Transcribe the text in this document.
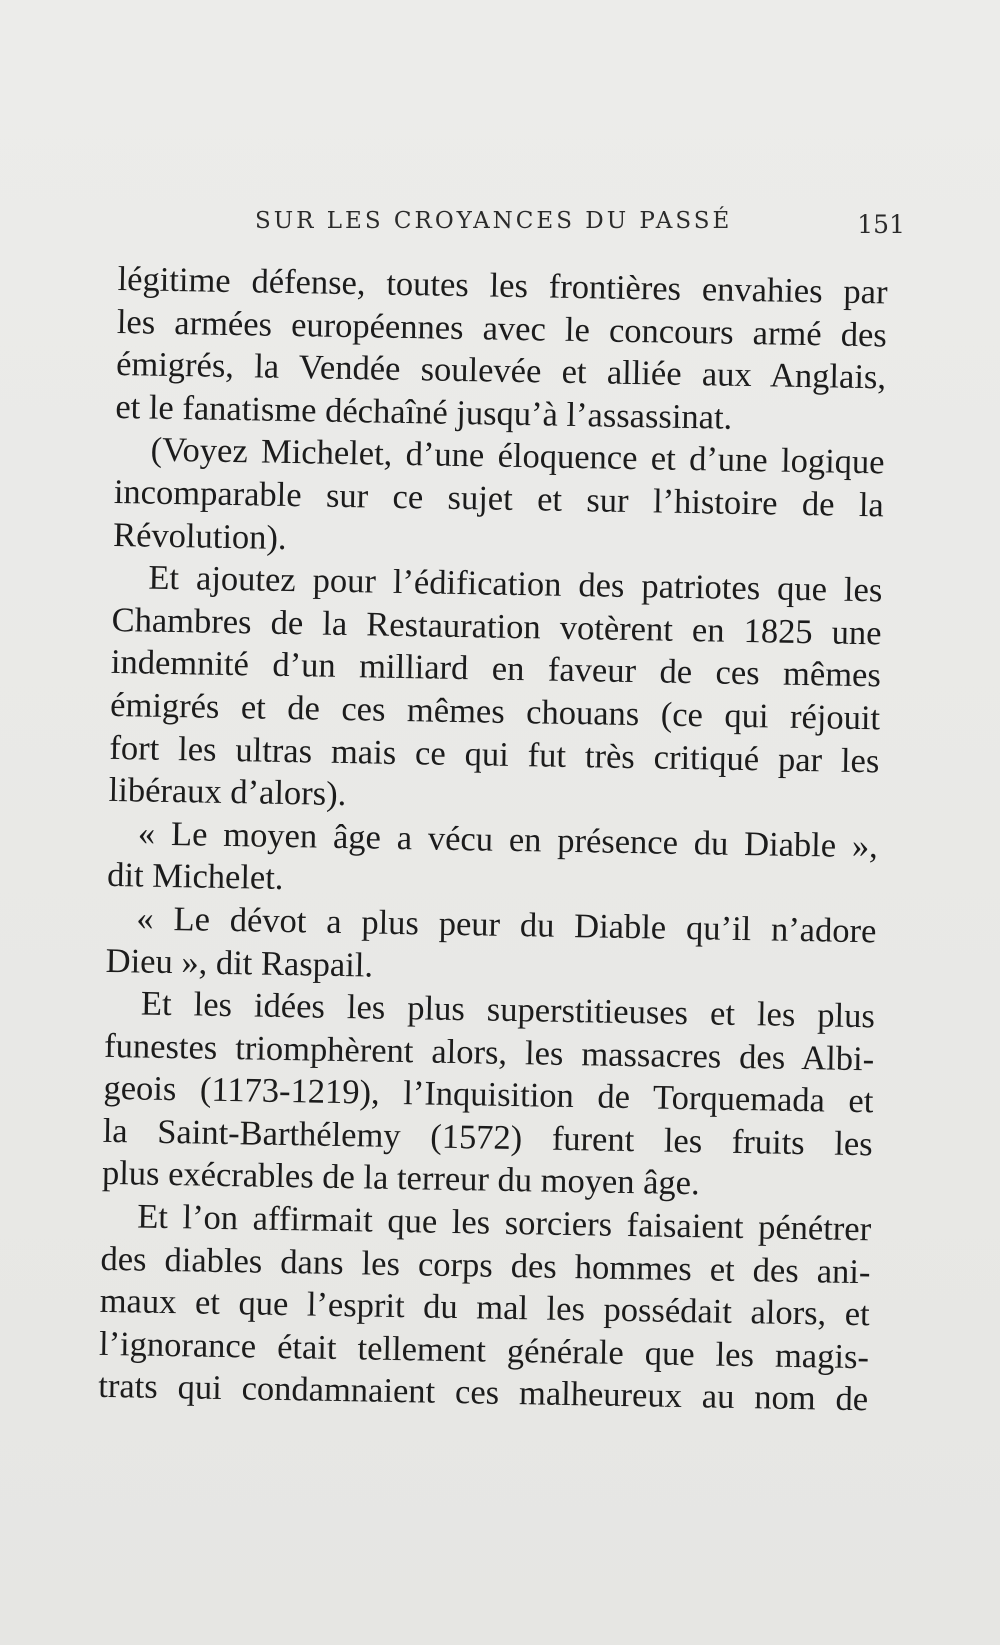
SUR LES CROYANCES DU PASSÉ	151
légitime défense, toutes les frontières envahies par
les armées européennes avec le concours armé des
émigrés, la Vendée soulevée et alliée aux Anglais,
et le fanatisme déchaîné jusqu’à l’assassinat.
(Voyez Michelet, d’une éloquence et d’une logique
incomparable sur ce sujet et sur l’histoire de la
Révolution).
Et ajoutez pour l’édification des patriotes que les
Chambres de la Restauration votèrent en 1825 une
indemnité d’un milliard en faveur de ces mêmes
émigrés et de ces mêmes chouans (ce qui réjouit
fort les ultras mais ce qui fut très critiqué par les
libéraux d’alors).
« Le moyen âge a vécu en présence du Diable »,
dit Michelet.
« Le dévot a plus peur du Diable qu’il n’adore
Dieu », dit Raspail.
Et les idées les plus superstitieuses et les plus
funestes triomphèrent alors, les massacres des Albi-
geois (1173-1219), l’Inquisition de Torquemada et
la Saint-Barthélemy (1572) furent les fruits les
plus exécrables de la terreur du moyen âge.
Et l’on affirmait que les sorciers faisaient pénétrer
des diables dans les corps des hommes et des ani-
maux et que l’esprit du mal les possédait alors, et
l’ignorance était tellement générale que les magis-
trats qui condamnaient ces malheureux au nom de
